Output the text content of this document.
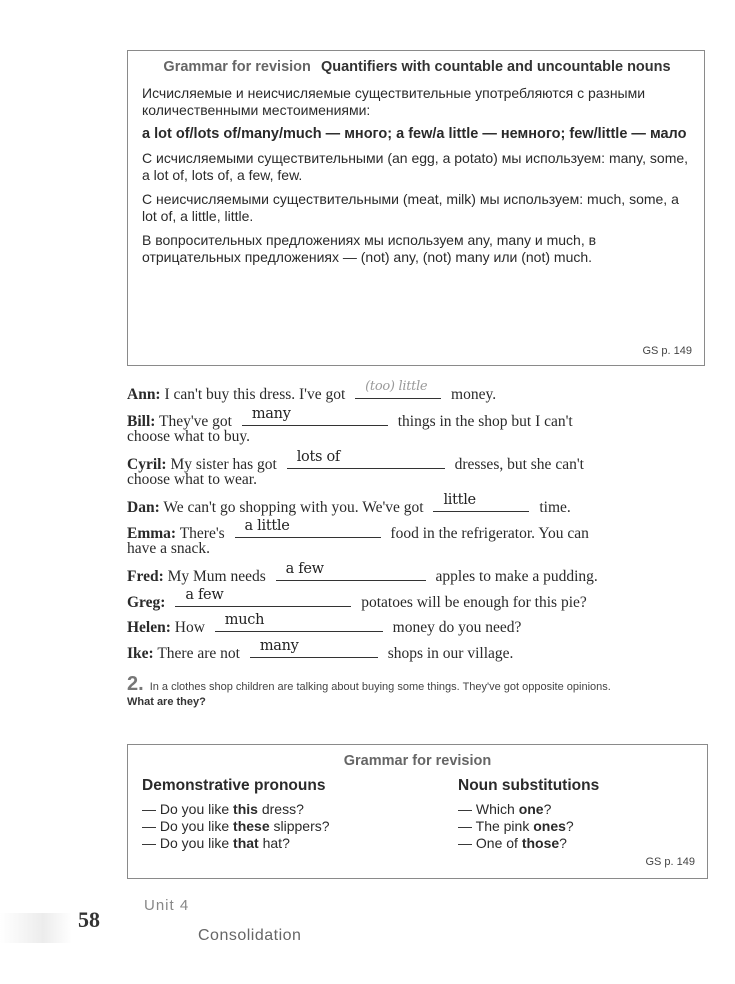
Grammar for revision Quantifiers with countable and uncountable nouns

Исчисляемые и неисчисляемые существительные употребляются с разными количественными местоимениями:

a lot of/lots of/many/much — много; a few/a little — немного; few/little — мало

С исчисляемыми существительными (an egg, a potato) мы используем: many, some, a lot of, lots of, a few, few.

С неисчисляемыми существительными (meat, milk) мы используем: much, some, a lot of, a little, little.

В вопросительных предложениях мы используем any, many и much, в отрицательных предложениях — (not) any, (not) many или (not) much.

GS p. 149
Ann: I can't buy this dress. I've got (too) little money.
Bill: They've got many	things in the shop but I can't
choose what to buy.
Cyril: My sister has got lots of	dresses, but she can't
choose what to wear.
Dan: We can't go shopping with you. We've got little	time.
Emma: There's a little	food in the refrigerator. You can
have a snack.
Fred: My Mum needs a few	apples to make a pudding.
Greg: a few	potatoes will be enough for this pie?
Helen: How much	money do you need?
Ike: There are not many	shops in our village.
2. In a clothes shop children are talking about buying some things. They've got opposite opinions.
What are they?
Grammar for revision
Demonstrative pronouns
— Do you like this dress?
— Do you like these slippers?
— Do you like that hat?
Noun substitutions
— Which one?
— The pink ones?
— One of those?
GS p. 149
58
Unit 4
Consolidation
